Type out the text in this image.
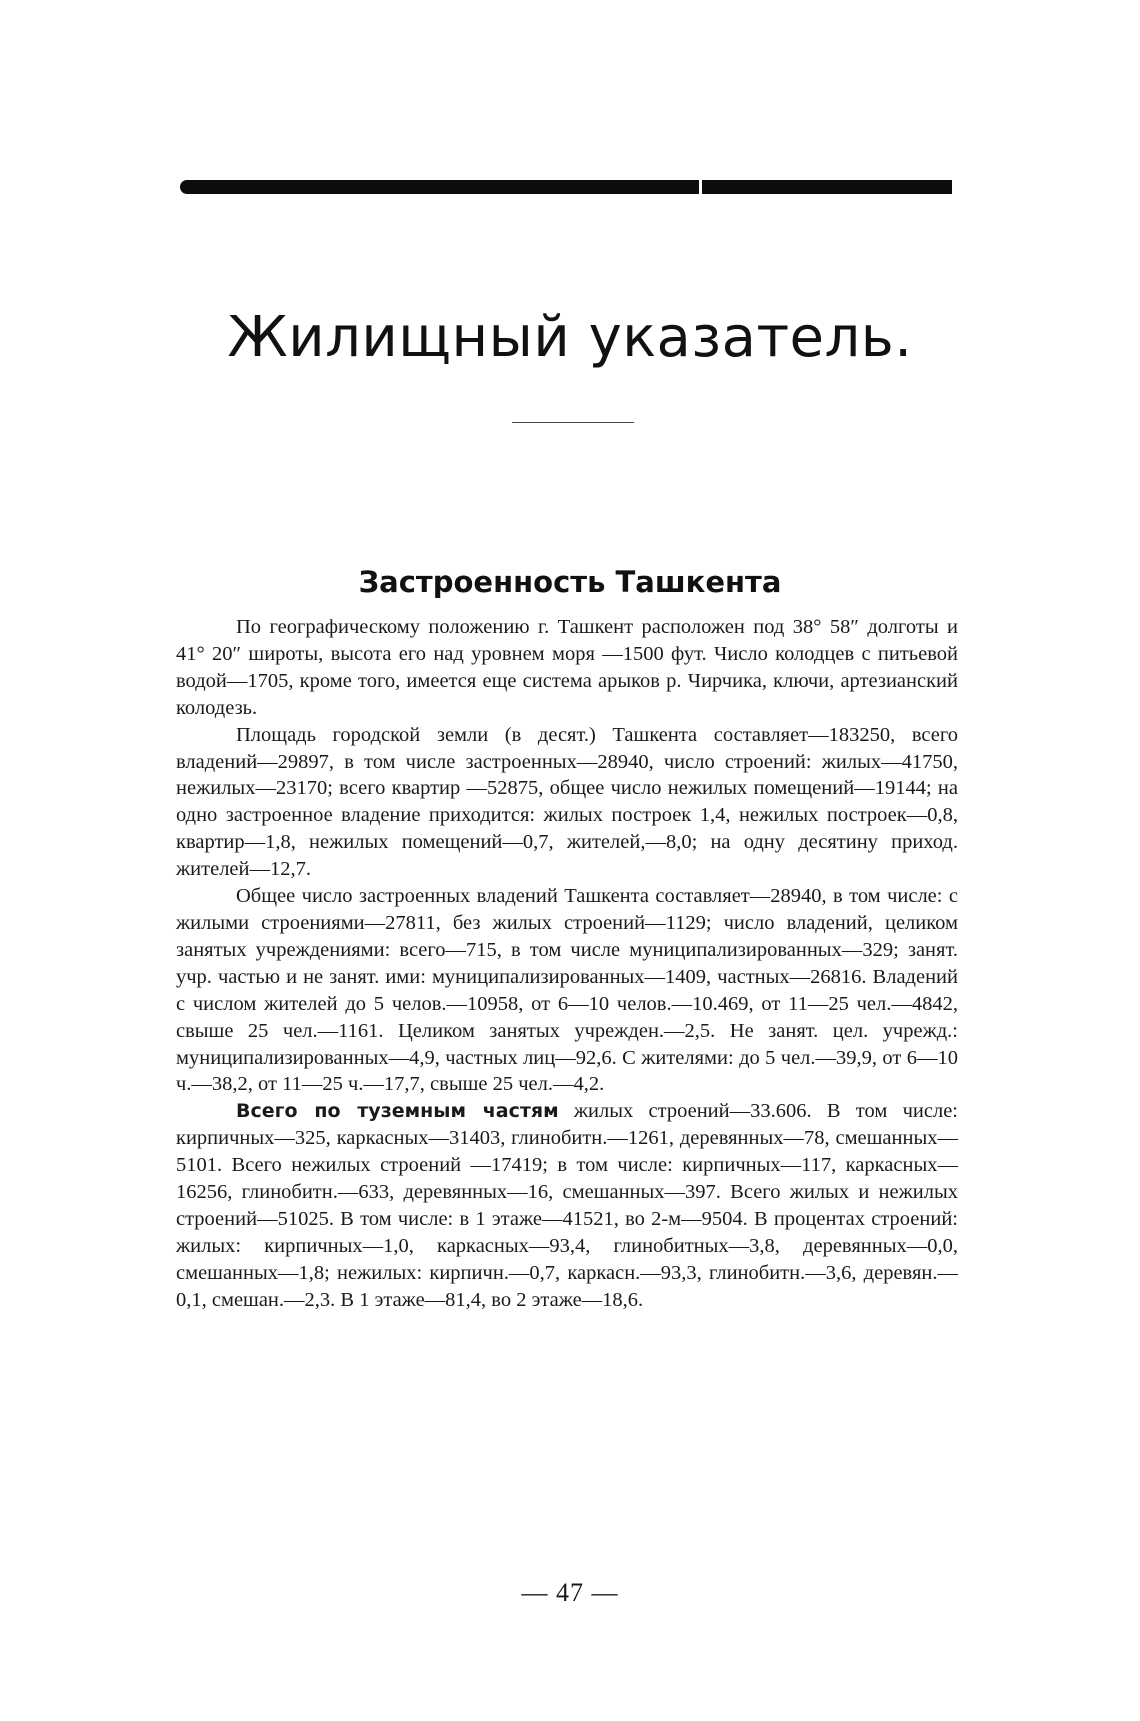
Жилищный указатель.
Застроенность Ташкента

По географическому положению г. Ташкент расположен под 38° 58″ долготы и 41° 20″ широты, высота его над уровнем моря —1500 фут. Число колодцев с питьевой водой—1705, кроме того, имеется еще система арыков р. Чирчика, ключи, артезианский колодезь.

Площадь городской земли (в десят.) Ташкента составляет—183250, всего владений—29897, в том числе застроенных—28940, число строений: жилых—41750, нежилых—23170; всего квартир —52875, общее число нежилых помещений—19144; на одно застроенное владение приходится: жилых построек 1,4, нежилых построек—0,8, квартир—1,8, нежилых помещений—0,7, жителей,—8,0; на одну десятину приход. жителей—12,7.

Общее число застроенных владений Ташкента составляет—28940, в том числе: с жилыми строениями—27811, без жилых строений—1129; число владений, целиком занятых учреждениями: всего—715, в том числе муниципализированных—329; занят. учр. частью и не занят. ими: муниципализированных—1409, частных—26816. Владений с числом жителей до 5 челов.—10958, от 6—10 челов.—10.469, от 11—25 чел.—4842, свыше 25 чел.—1161. Целиком занятых учрежден.—2,5. Не занят. цел. учрежд.: муниципализированных—4,9, частных лиц—92,6. С жителями: до 5 чел.—39,9, от 6—10 ч.—38,2, от 11—25 ч.—17,7, свыше 25 чел.—4,2.

Всего по туземным частям жилых строений—33.606. В том числе: кирпичных—325, каркасных—31403, глинобитн.—1261, деревянных—78, смешанных—5101. Всего нежилых строений —17419; в том числе: кирпичных—117, каркасных—16256, глинобитн.—633, деревянных—16, смешанных—397. Всего жилых и нежилых строений—51025. В том числе: в 1 этаже—41521, во 2-м—9504. В процентах строений: жилых: кирпичных—1,0, каркасных—93,4, глинобитных—3,8, деревянных—0,0, смешанных—1,8; нежилых: кирпичн.—0,7, каркасн.—93,3, глинобитн.—3,6, деревян.—0,1, смешан.—2,3. В 1 этаже—81,4, во 2 этаже—18,6.

— 47 —
